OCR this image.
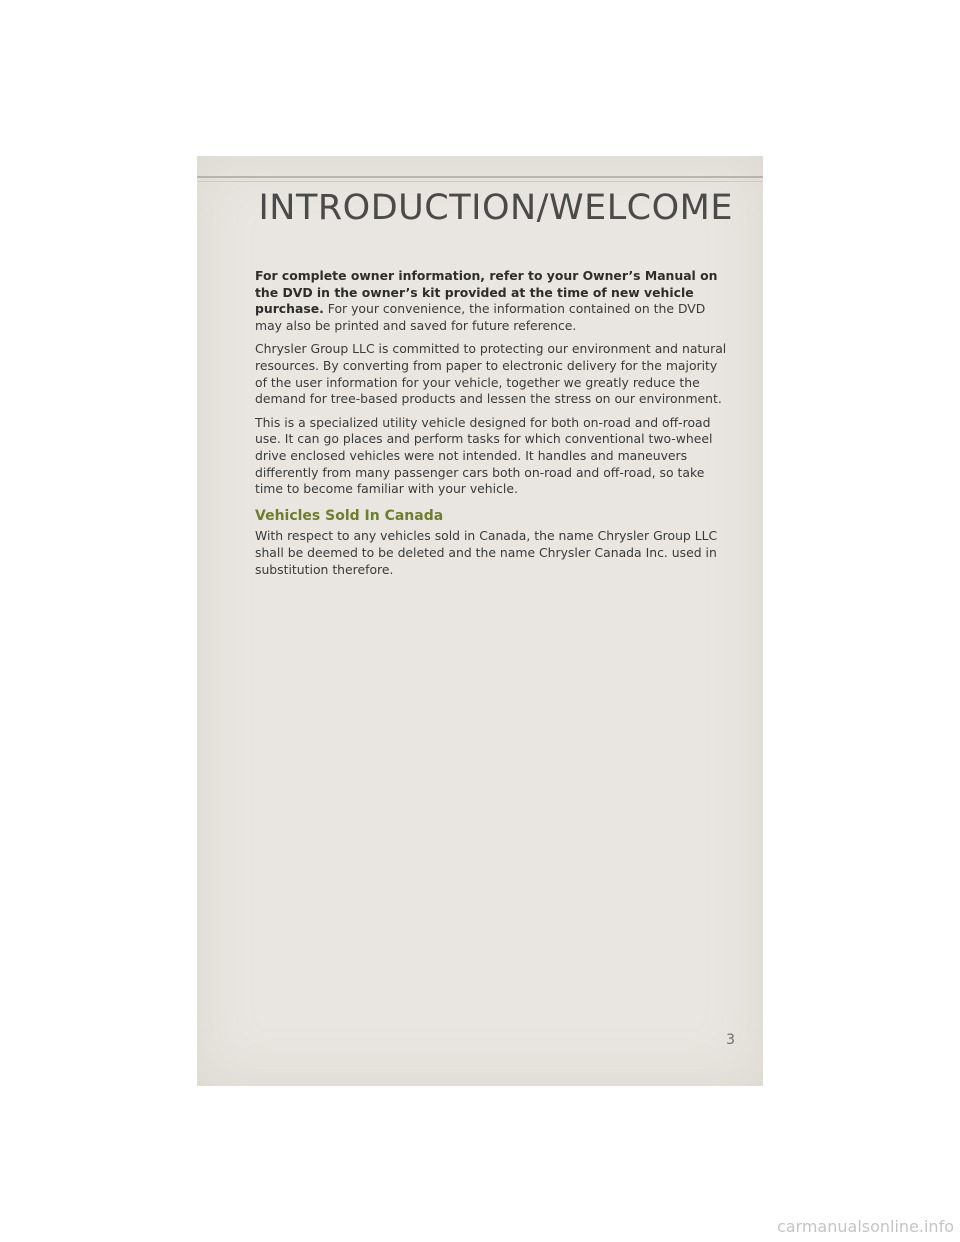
INTRODUCTION/WELCOME

For complete owner information, refer to your Owner’s Manual on the DVD in the owner’s kit provided at the time of new vehicle purchase. For your convenience, the information contained on the DVD may also be printed and saved for future reference.

Chrysler Group LLC is committed to protecting our environment and natural resources. By converting from paper to electronic delivery for the majority of the user information for your vehicle, together we greatly reduce the demand for tree-based products and lessen the stress on our environment.

This is a specialized utility vehicle designed for both on-road and off-road use. It can go places and perform tasks for which conventional two-wheel drive enclosed vehicles were not intended. It handles and maneuvers differently from many passenger cars both on-road and off-road, so take time to become familiar with your vehicle.

Vehicles Sold In Canada

With respect to any vehicles sold in Canada, the name Chrysler Group LLC shall be deemed to be deleted and the name Chrysler Canada Inc. used in substitution therefore.

3
carmanualsonline.info
